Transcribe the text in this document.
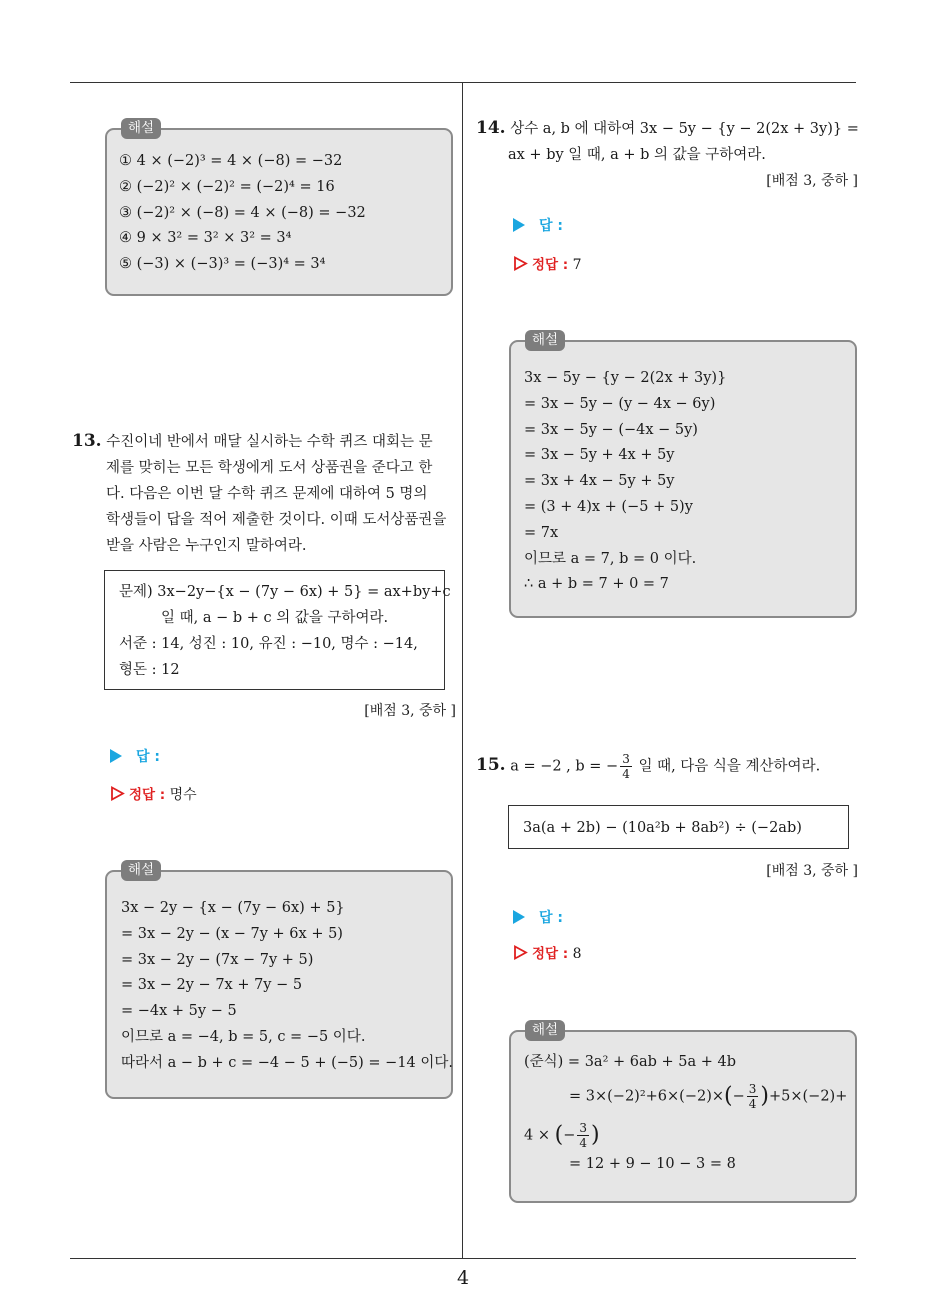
4
해설
① 4 × (−2)³ = 4 × (−8) = −32
② (−2)² × (−2)² = (−2)⁴ = 16
③ (−2)² × (−8) = 4 × (−8) = −32
④ 9 × 3² = 3² × 3² = 3⁴
⑤ (−3) × (−3)³ = (−3)⁴ = 3⁴
13. 수진이네 반에서 매달 실시하는 수학 퀴즈 대회는 문
제를 맞히는 모든 학생에게 도서 상품권을 준다고 한
다. 다음은 이번 달 수학 퀴즈 문제에 대하여 5 명의
학생들이 답을 적어 제출한 것이다. 이때 도서상품권을
받을 사람은 누구인지 말하여라.
문제) 3x−2y−{x − (7y − 6x) + 5} = ax+by+c
일 때, a − b + c 의 값을 구하여라.
서준 : 14, 성진 : 10, 유진 : −10, 명수 : −14,
형돈 : 12
[배점 3, 중하 ]
답 :
정답 : 명수
해설
3x − 2y − {x − (7y − 6x) + 5}
= 3x − 2y − (x − 7y + 6x + 5)
= 3x − 2y − (7x − 7y + 5)
= 3x − 2y − 7x + 7y − 5
= −4x + 5y − 5
이므로 a = −4, b = 5, c = −5 이다.
따라서 a − b + c = −4 − 5 + (−5) = −14 이다.
14. 상수 a, b 에 대하여 3x − 5y − {y − 2(2x + 3y)} =
ax + by 일 때, a + b 의 값을 구하여라.
[배점 3, 중하 ]
답 :
정답 : 7
해설
3x − 5y − {y − 2(2x + 3y)}
= 3x − 5y − (y − 4x − 6y)
= 3x − 5y − (−4x − 5y)
= 3x − 5y + 4x + 5y
= 3x + 4x − 5y + 5y
= (3 + 4)x + (−5 + 5)y
= 7x
이므로 a = 7, b = 0 이다.
∴ a + b = 7 + 0 = 7
15. a = −2 , b = − $\frac{3}{4}$ 일 때, 다음 식을 계산하여라.
3a(a + 2b) − (10a²b + 8ab²) ÷ (−2ab)
[배점 3, 중하 ]
답 :
정답 : 8
해설
(준식) = 3a² + 6ab + 5a + 4b
= $3\times(-2)^2+6\times(-2)\times(- \frac{3}{4} )+5\times(-2)+$
4 × (− $\frac{3}{4}$ )
= 12 + 9 − 10 − 3 = 8
